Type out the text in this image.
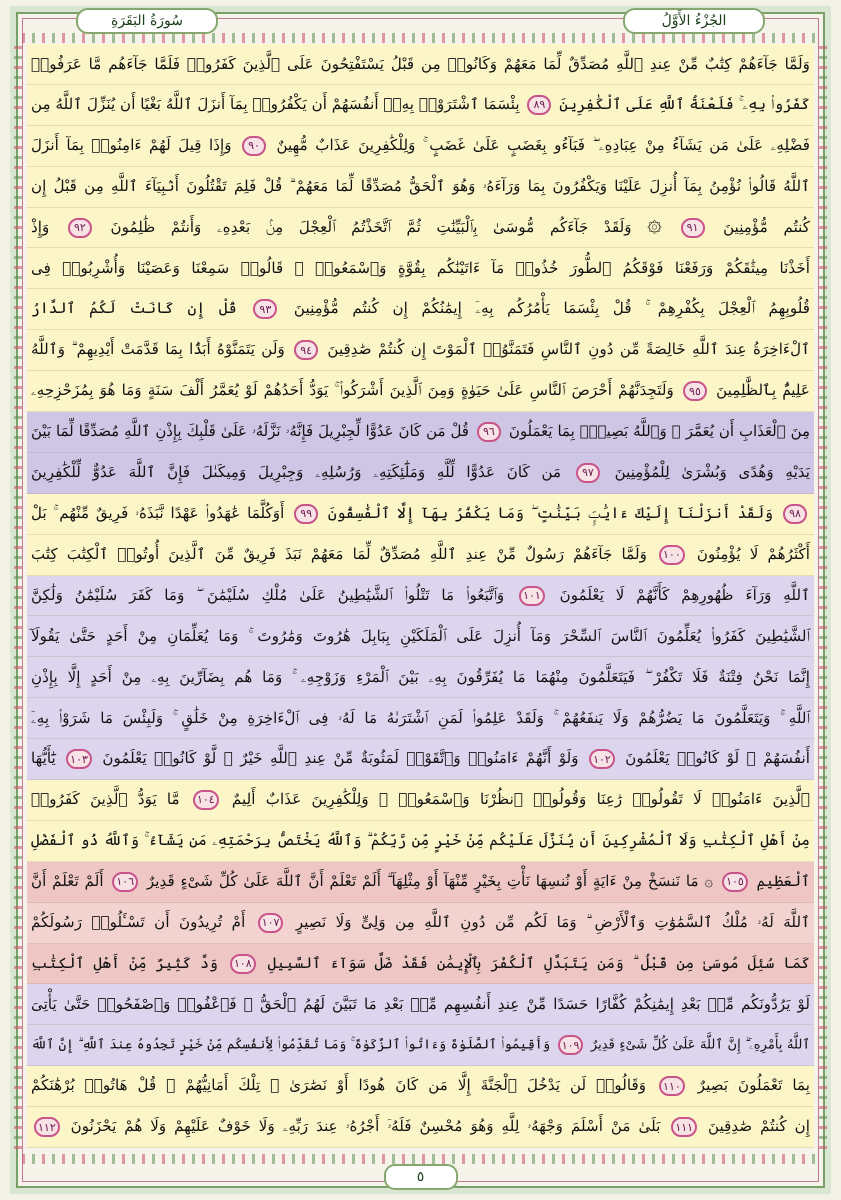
سُورَةُ البَقَرَةِ	الجُزْءُ الأَوَّلُ
وَلَمَّا جَآءَهُمْ كِتَٰبٌ مِّنْ عِندِ ٱللَّهِ مُصَدِّقٌ لِّمَا مَعَهُمْ وَكَانُوا۟ مِن قَبْلُ يَسْتَفْتِحُونَ عَلَى ٱلَّذِينَ كَفَرُوا۟ فَلَمَّا جَآءَهُم مَّا عَرَفُوا۟
كَفَرُوا۟ بِهِۦ ۚ فَلَعْنَةُ ٱللَّهِ عَلَى ٱلْكَٰفِرِينَ ٨٩ بِئْسَمَا ٱشْتَرَوْا۟ بِهِۦٓ أَنفُسَهُمْ أَن يَكْفُرُوا۟ بِمَآ أَنزَلَ ٱللَّهُ بَغْيًا أَن يُنَزِّلَ ٱللَّهُ مِن
فَضْلِهِۦ عَلَىٰ مَن يَشَآءُ مِنْ عِبَادِهِۦ ۖ فَبَآءُو بِغَضَبٍ عَلَىٰ غَضَبٍ ۚ وَلِلْكَٰفِرِينَ عَذَابٌ مُّهِينٌ ٩٠ وَإِذَا قِيلَ لَهُمْ ءَامِنُوا۟ بِمَآ أَنزَلَ
ٱللَّهُ قَالُوا۟ نُؤْمِنُ بِمَآ أُنزِلَ عَلَيْنَا وَيَكْفُرُونَ بِمَا وَرَآءَهُۥ وَهُوَ ٱلْحَقُّ مُصَدِّقًا لِّمَا مَعَهُمْ ۗ قُلْ فَلِمَ تَقْتُلُونَ أَنۢبِيَآءَ ٱللَّهِ مِن قَبْلُ إِن
كُنتُم مُّؤْمِنِينَ ٩١ ۞ وَلَقَدْ جَآءَكُم مُّوسَىٰ بِٱلْبَيِّنَٰتِ ثُمَّ ٱتَّخَذْتُمُ ٱلْعِجْلَ مِنۢ بَعْدِهِۦ وَأَنتُمْ ظَٰلِمُونَ ٩٢ وَإِذْ
أَخَذْنَا مِيثَٰقَكُمْ وَرَفَعْنَا فَوْقَكُمُ ٱلطُّورَ خُذُوا۟ مَآ ءَاتَيْنَٰكُم بِقُوَّةٍ وَٱسْمَعُوا۟ ۖ قَالُوا۟ سَمِعْنَا وَعَصَيْنَا وَأُشْرِبُوا۟ فِى
قُلُوبِهِمُ ٱلْعِجْلَ بِكُفْرِهِمْ ۚ قُلْ بِئْسَمَا يَأْمُرُكُم بِهِۦٓ إِيمَٰنُكُمْ إِن كُنتُم مُّؤْمِنِينَ ٩٣ قُلْ إِن كَانَتْ لَكُمُ ٱلدَّارُ
ٱلْءَاخِرَةُ عِندَ ٱللَّهِ خَالِصَةً مِّن دُونِ ٱلنَّاسِ فَتَمَنَّوُا۟ ٱلْمَوْتَ إِن كُنتُمْ صَٰدِقِينَ ٩٤ وَلَن يَتَمَنَّوْهُ أَبَدًۢا بِمَا قَدَّمَتْ أَيْدِيهِمْ ۗ وَٱللَّهُ
عَلِيمٌۢ بِٱلظَّٰلِمِينَ ٩٥ وَلَتَجِدَنَّهُمْ أَحْرَصَ ٱلنَّاسِ عَلَىٰ حَيَوٰةٍ وَمِنَ ٱلَّذِينَ أَشْرَكُوا۟ ۚ يَوَدُّ أَحَدُهُمْ لَوْ يُعَمَّرُ أَلْفَ سَنَةٍ وَمَا هُوَ بِمُزَحْزِحِهِۦ
مِنَ ٱلْعَذَابِ أَن يُعَمَّرَ ۗ وَٱللَّهُ بَصِيرٌۢ بِمَا يَعْمَلُونَ ٩٦ قُلْ مَن كَانَ عَدُوًّا لِّجِبْرِيلَ فَإِنَّهُۥ نَزَّلَهُۥ عَلَىٰ قَلْبِكَ بِإِذْنِ ٱللَّهِ مُصَدِّقًا لِّمَا بَيْنَ
يَدَيْهِ وَهُدًى وَبُشْرَىٰ لِلْمُؤْمِنِينَ ٩٧ مَن كَانَ عَدُوًّا لِّلَّهِ وَمَلَٰٓئِكَتِهِۦ وَرُسُلِهِۦ وَجِبْرِيلَ وَمِيكَىٰلَ فَإِنَّ ٱللَّهَ عَدُوٌّ لِّلْكَٰفِرِينَ
٩٨ وَلَقَدْ أَنزَلْنَآ إِلَيْكَ ءَايَٰتٍۭ بَيِّنَٰتٍ ۖ وَمَا يَكْفُرُ بِهَآ إِلَّا ٱلْفَٰسِقُونَ ٩٩ أَوَكُلَّمَا عَٰهَدُوا۟ عَهْدًا نَّبَذَهُۥ فَرِيقٌ مِّنْهُم ۚ بَلْ
أَكْثَرُهُمْ لَا يُؤْمِنُونَ ١٠٠ وَلَمَّا جَآءَهُمْ رَسُولٌ مِّنْ عِندِ ٱللَّهِ مُصَدِّقٌ لِّمَا مَعَهُمْ نَبَذَ فَرِيقٌ مِّنَ ٱلَّذِينَ أُوتُوا۟ ٱلْكِتَٰبَ كِتَٰبَ
ٱللَّهِ وَرَآءَ ظُهُورِهِمْ كَأَنَّهُمْ لَا يَعْلَمُونَ ١٠١ وَٱتَّبَعُوا۟ مَا تَتْلُوا۟ ٱلشَّيَٰطِينُ عَلَىٰ مُلْكِ سُلَيْمَٰنَ ۖ وَمَا كَفَرَ سُلَيْمَٰنُ وَلَٰكِنَّ
ٱلشَّيَٰطِينَ كَفَرُوا۟ يُعَلِّمُونَ ٱلنَّاسَ ٱلسِّحْرَ وَمَآ أُنزِلَ عَلَى ٱلْمَلَكَيْنِ بِبَابِلَ هَٰرُوتَ وَمَٰرُوتَ ۚ وَمَا يُعَلِّمَانِ مِنْ أَحَدٍ حَتَّىٰ يَقُولَآ
إِنَّمَا نَحْنُ فِتْنَةٌ فَلَا تَكْفُرْ ۖ فَيَتَعَلَّمُونَ مِنْهُمَا مَا يُفَرِّقُونَ بِهِۦ بَيْنَ ٱلْمَرْءِ وَزَوْجِهِۦ ۚ وَمَا هُم بِضَآرِّينَ بِهِۦ مِنْ أَحَدٍ إِلَّا بِإِذْنِ
ٱللَّهِ ۚ وَيَتَعَلَّمُونَ مَا يَضُرُّهُمْ وَلَا يَنفَعُهُمْ ۚ وَلَقَدْ عَلِمُوا۟ لَمَنِ ٱشْتَرَىٰهُ مَا لَهُۥ فِى ٱلْءَاخِرَةِ مِنْ خَلَٰقٍ ۚ وَلَبِئْسَ مَا شَرَوْا۟ بِهِۦٓ
أَنفُسَهُمْ ۚ لَوْ كَانُوا۟ يَعْلَمُونَ ١٠٢ وَلَوْ أَنَّهُمْ ءَامَنُوا۟ وَٱتَّقَوْا۟ لَمَثُوبَةٌ مِّنْ عِندِ ٱللَّهِ خَيْرٌ ۖ لَّوْ كَانُوا۟ يَعْلَمُونَ ١٠٣ يَٰٓأَيُّهَا
ٱلَّذِينَ ءَامَنُوا۟ لَا تَقُولُوا۟ رَٰعِنَا وَقُولُوا۟ ٱنظُرْنَا وَٱسْمَعُوا۟ ۗ وَلِلْكَٰفِرِينَ عَذَابٌ أَلِيمٌ ١٠٤ مَّا يَوَدُّ ٱلَّذِينَ كَفَرُوا۟
مِنْ أَهْلِ ٱلْكِتَٰبِ وَلَا ٱلْمُشْرِكِينَ أَن يُنَزَّلَ عَلَيْكُم مِّنْ خَيْرٍ مِّن رَّبِّكُمْ ۗ وَٱللَّهُ يَخْتَصُّ بِرَحْمَتِهِۦ مَن يَشَآءُ ۚ وَٱللَّهُ ذُو ٱلْفَضْلِ
ٱلْعَظِيمِ ١٠٥ ۞ مَا نَنسَخْ مِنْ ءَايَةٍ أَوْ نُنسِهَا نَأْتِ بِخَيْرٍ مِّنْهَآ أَوْ مِثْلِهَآ ۗ أَلَمْ تَعْلَمْ أَنَّ ٱللَّهَ عَلَىٰ كُلِّ شَىْءٍ قَدِيرٌ ١٠٦ أَلَمْ تَعْلَمْ أَنَّ
ٱللَّهَ لَهُۥ مُلْكُ ٱلسَّمَٰوَٰتِ وَٱلْأَرْضِ ۗ وَمَا لَكُم مِّن دُونِ ٱللَّهِ مِن وَلِىٍّ وَلَا نَصِيرٍ ١٠٧ أَمْ تُرِيدُونَ أَن تَسْـَٔلُوا۟ رَسُولَكُمْ
كَمَا سُئِلَ مُوسَىٰ مِن قَبْلُ ۗ وَمَن يَتَبَدَّلِ ٱلْكُفْرَ بِٱلْإِيمَٰنِ فَقَدْ ضَلَّ سَوَآءَ ٱلسَّبِيلِ ١٠٨ وَدَّ كَثِيرٌ مِّنْ أَهْلِ ٱلْكِتَٰبِ
لَوْ يَرُدُّونَكُم مِّنۢ بَعْدِ إِيمَٰنِكُمْ كُفَّارًا حَسَدًا مِّنْ عِندِ أَنفُسِهِم مِّنۢ بَعْدِ مَا تَبَيَّنَ لَهُمُ ٱلْحَقُّ ۖ فَٱعْفُوا۟ وَٱصْفَحُوا۟ حَتَّىٰ يَأْتِىَ
ٱللَّهُ بِأَمْرِهِۦٓ ۗ إِنَّ ٱللَّهَ عَلَىٰ كُلِّ شَىْءٍ قَدِيرٌ ١٠٩ وَأَقِيمُوا۟ ٱلصَّلَوٰةَ وَءَاتُوا۟ ٱلزَّكَوٰةَ ۚ وَمَا تُقَدِّمُوا۟ لِأَنفُسِكُم مِّنْ خَيْرٍ تَجِدُوهُ عِندَ ٱللَّهِ ۗ إِنَّ ٱللَّهَ
بِمَا تَعْمَلُونَ بَصِيرٌ ١١٠ وَقَالُوا۟ لَن يَدْخُلَ ٱلْجَنَّةَ إِلَّا مَن كَانَ هُودًا أَوْ نَصَٰرَىٰ ۗ تِلْكَ أَمَانِيُّهُمْ ۗ قُلْ هَاتُوا۟ بُرْهَٰنَكُمْ
إِن كُنتُمْ صَٰدِقِينَ ١١١ بَلَىٰ مَنْ أَسْلَمَ وَجْهَهُۥ لِلَّهِ وَهُوَ مُحْسِنٌ فَلَهُۥٓ أَجْرُهُۥ عِندَ رَبِّهِۦ وَلَا خَوْفٌ عَلَيْهِمْ وَلَا هُمْ يَحْزَنُونَ ١١٢
٥
